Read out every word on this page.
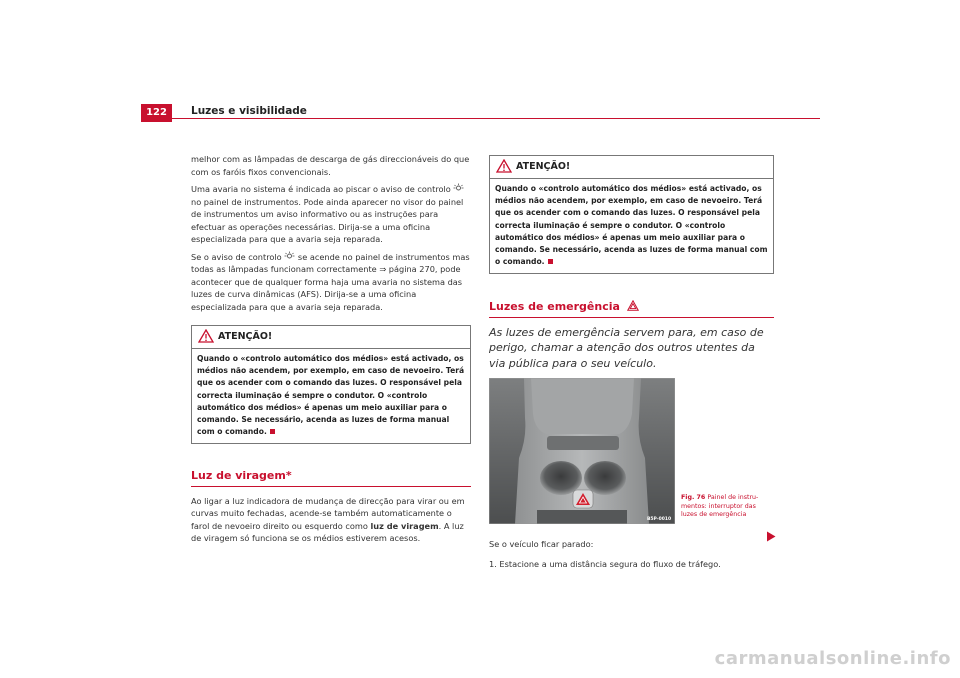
122	Luzes e visibilidade

melhor com as lâmpadas de descarga de gás direccionáveis do que com os faróis fixos convencionais.

Uma avaria no sistema é indicada ao piscar o aviso de controlo  no painel de instrumentos. Pode ainda aparecer no visor do painel de instrumentos um aviso informativo ou as instruções para efectuar as operações necessárias. Dirija-se a uma oficina especializada para que a avaria seja reparada.

Se o aviso de controlo se acende no painel de instrumentos mas todas as lâmpadas funcionam correctamente ⇒ página 270, pode acontecer que de qualquer forma haja uma avaria no sistema das luzes de curva dinâmicas (AFS). Dirija-se a uma oficina especializada para que a avaria seja reparada.

ATENÇÃO!
Quando o «controlo automático dos médios» está activado, os médios não acendem, por exemplo, em caso de nevoeiro. Terá que os acender com o comando das luzes. O responsável pela correcta iluminação é sempre o condutor. O «controlo automático dos médios» é apenas um meio auxiliar para o comando. Se necessário, acenda as luzes de forma manual com o comando.
Luz de viragem*

Ao ligar a luz indicadora de mudança de direcção para virar ou em curvas muito fechadas, acende-se também automaticamente o farol de nevoeiro direito ou esquerdo como luz de viragem. A luz de viragem só funciona se os médios estiverem acesos.

ATENÇÃO!
Quando o «controlo automático dos médios» está activado, os médios não acendem, por exemplo, em caso de nevoeiro. Terá que os acender com o comando das luzes. O responsável pela correcta iluminação é sempre o condutor. O «controlo automático dos médios» é apenas um meio auxiliar para o comando. Se necessário, acenda as luzes de forma manual com o comando.
Luzes de emergência
As luzes de emergência servem para, em caso de perigo, chamar a atenção dos outros utentes da via pública para o seu veículo.
B5P-0010
Fig. 76 Painel de instru-mentos: interruptor das luzes de emergência
Se o veículo ficar parado:
1. Estacione a uma distância segura do fluxo de tráfego.
carmanualsonline.info
